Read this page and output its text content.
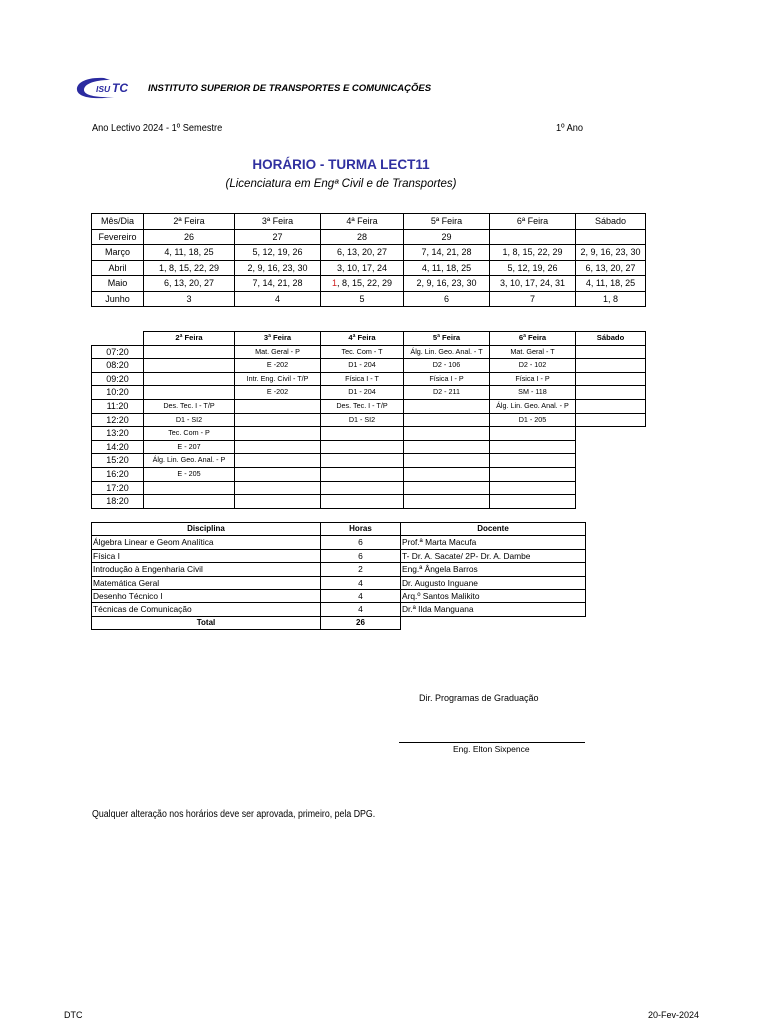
ISU TC
ISUTC
INSTITUTO SUPERIOR DE TRANSPORTES E COMUNICAÇÕES
Ano Lectivo 2024 - 1º Semestre	1º Ano
HORÁRIO - TURMA LECT11
(Licenciatura em Engª Civil e de Transportes)
Mês/Dia	2ª Feira	3ª Feira	4ª Feira	5ª Feira	6ª Feira	Sábado
Fevereiro	26	27	28	29		
Março	4, 11, 18, 25	5, 12, 19, 26	6, 13, 20, 27	7, 14, 21, 28	1, 8, 15, 22, 29	2, 9, 16, 23, 30
Abril	1, 8, 15, 22, 29	2, 9, 16, 23, 30	3, 10, 17, 24	4, 11, 18, 25	5, 12, 19, 26	6, 13, 20, 27
Maio	6, 13, 20, 27	7, 14, 21, 28	1, 8, 15, 22, 29	2, 9, 16, 23, 30	3, 10, 17, 24, 31	4, 11, 18, 25
Junho	3	4	5	6	7	1, 8
	2ª Feira	3ª Feira	4ª Feira	5ª Feira	6ª Feira	Sábado
07:20		Mat. Geral - P	Tec. Com - T	Álg. Lin. Geo. Anal. - T	Mat. Geral - T	
08:20		E -202	D1 - 204	D2 - 106	D2 - 102	
09:20		Intr. Eng. Civil - T/P	Física I - T	Física I - P	Física I - P	
10:20		E -202	D1 - 204	D2 - 211	SM - 118	
11:20	Des. Tec. I - T/P		Des. Tec. I - T/P		Álg. Lin. Geo. Anal. - P	
12:20	D1 - SI2		D1 - SI2		D1 - 205	
13:20	Tec. Com - P					
14:20	E - 207					
15:20	Álg. Lin. Geo. Anal. - P					
16:20	E - 205					
17:20						
18:20						
Disciplina	Horas	Docente
Álgebra Linear e Geom Analítica	6	Prof.ª Marta Macufa
Física I	6	T- Dr. A. Sacate/ 2P- Dr. A. Dambe
Introdução à Engenharia Civil	2	Eng.ª Ângela Barros
Matemática Geral	4	Dr. Augusto Inguane
Desenho Técnico I	4	Arq.º Santos Malikito
Técnicas de Comunicação	4	Dr.ª Ilda Manguana
Total	26	
Dir. Programas de Graduação
Eng. Elton Sixpence
Qualquer alteração nos horários deve ser aprovada, primeiro, pela DPG.
DTC	20-Fev-2024
